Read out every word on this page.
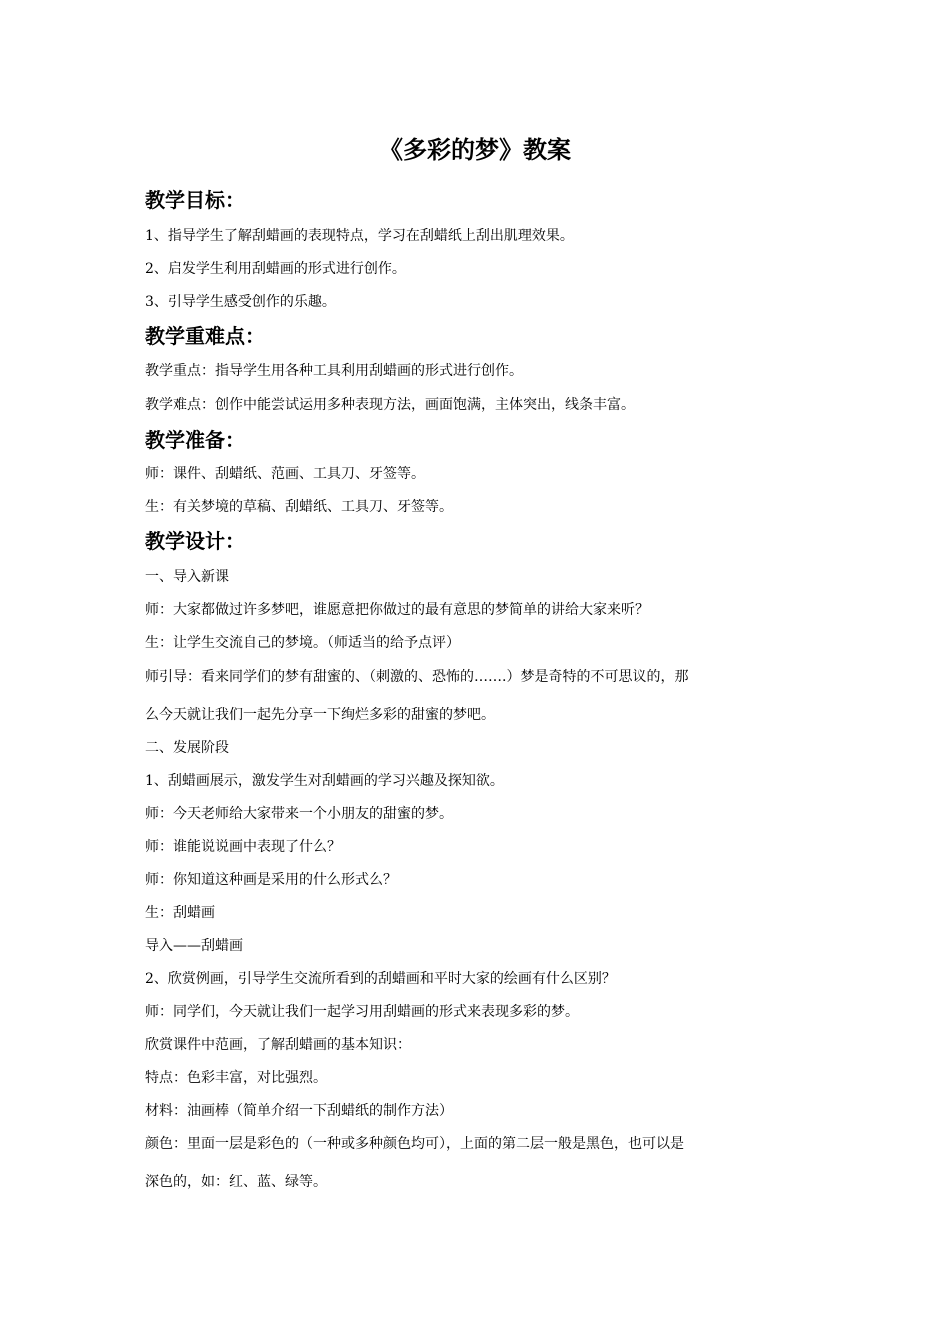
《多彩的梦》教案
教学目标：
1、指导学生了解刮蜡画的表现特点，学习在刮蜡纸上刮出肌理效果。
2、启发学生利用刮蜡画的形式进行创作。
3、引导学生感受创作的乐趣。
教学重难点：
教学重点：指导学生用各种工具利用刮蜡画的形式进行创作。
教学难点：创作中能尝试运用多种表现方法，画面饱满，主体突出，线条丰富。
教学准备：
师：课件、刮蜡纸、范画、工具刀、牙签等。
生：有关梦境的草稿、刮蜡纸、工具刀、牙签等。
教学设计：
一、导入新课
师：大家都做过许多梦吧，谁愿意把你做过的最有意思的梦简单的讲给大家来听？
生：让学生交流自己的梦境。（师适当的给予点评）
师引导：看来同学们的梦有甜蜜的、（刺激的、恐怖的…….）梦是奇特的不可思议的，那
么今天就让我们一起先分享一下绚烂多彩的甜蜜的梦吧。
二、发展阶段
1、刮蜡画展示，激发学生对刮蜡画的学习兴趣及探知欲。
师：今天老师给大家带来一个小朋友的甜蜜的梦。
师：谁能说说画中表现了什么？
师：你知道这种画是采用的什么形式么？
生：刮蜡画
导入——刮蜡画
2、欣赏例画，引导学生交流所看到的刮蜡画和平时大家的绘画有什么区别？
师：同学们，今天就让我们一起学习用刮蜡画的形式来表现多彩的梦。
欣赏课件中范画，了解刮蜡画的基本知识：
特点：色彩丰富，对比强烈。
材料：油画棒（简单介绍一下刮蜡纸的制作方法）
颜色：里面一层是彩色的（一种或多种颜色均可），上面的第二层一般是黑色，也可以是
深色的，如：红、蓝、绿等。
